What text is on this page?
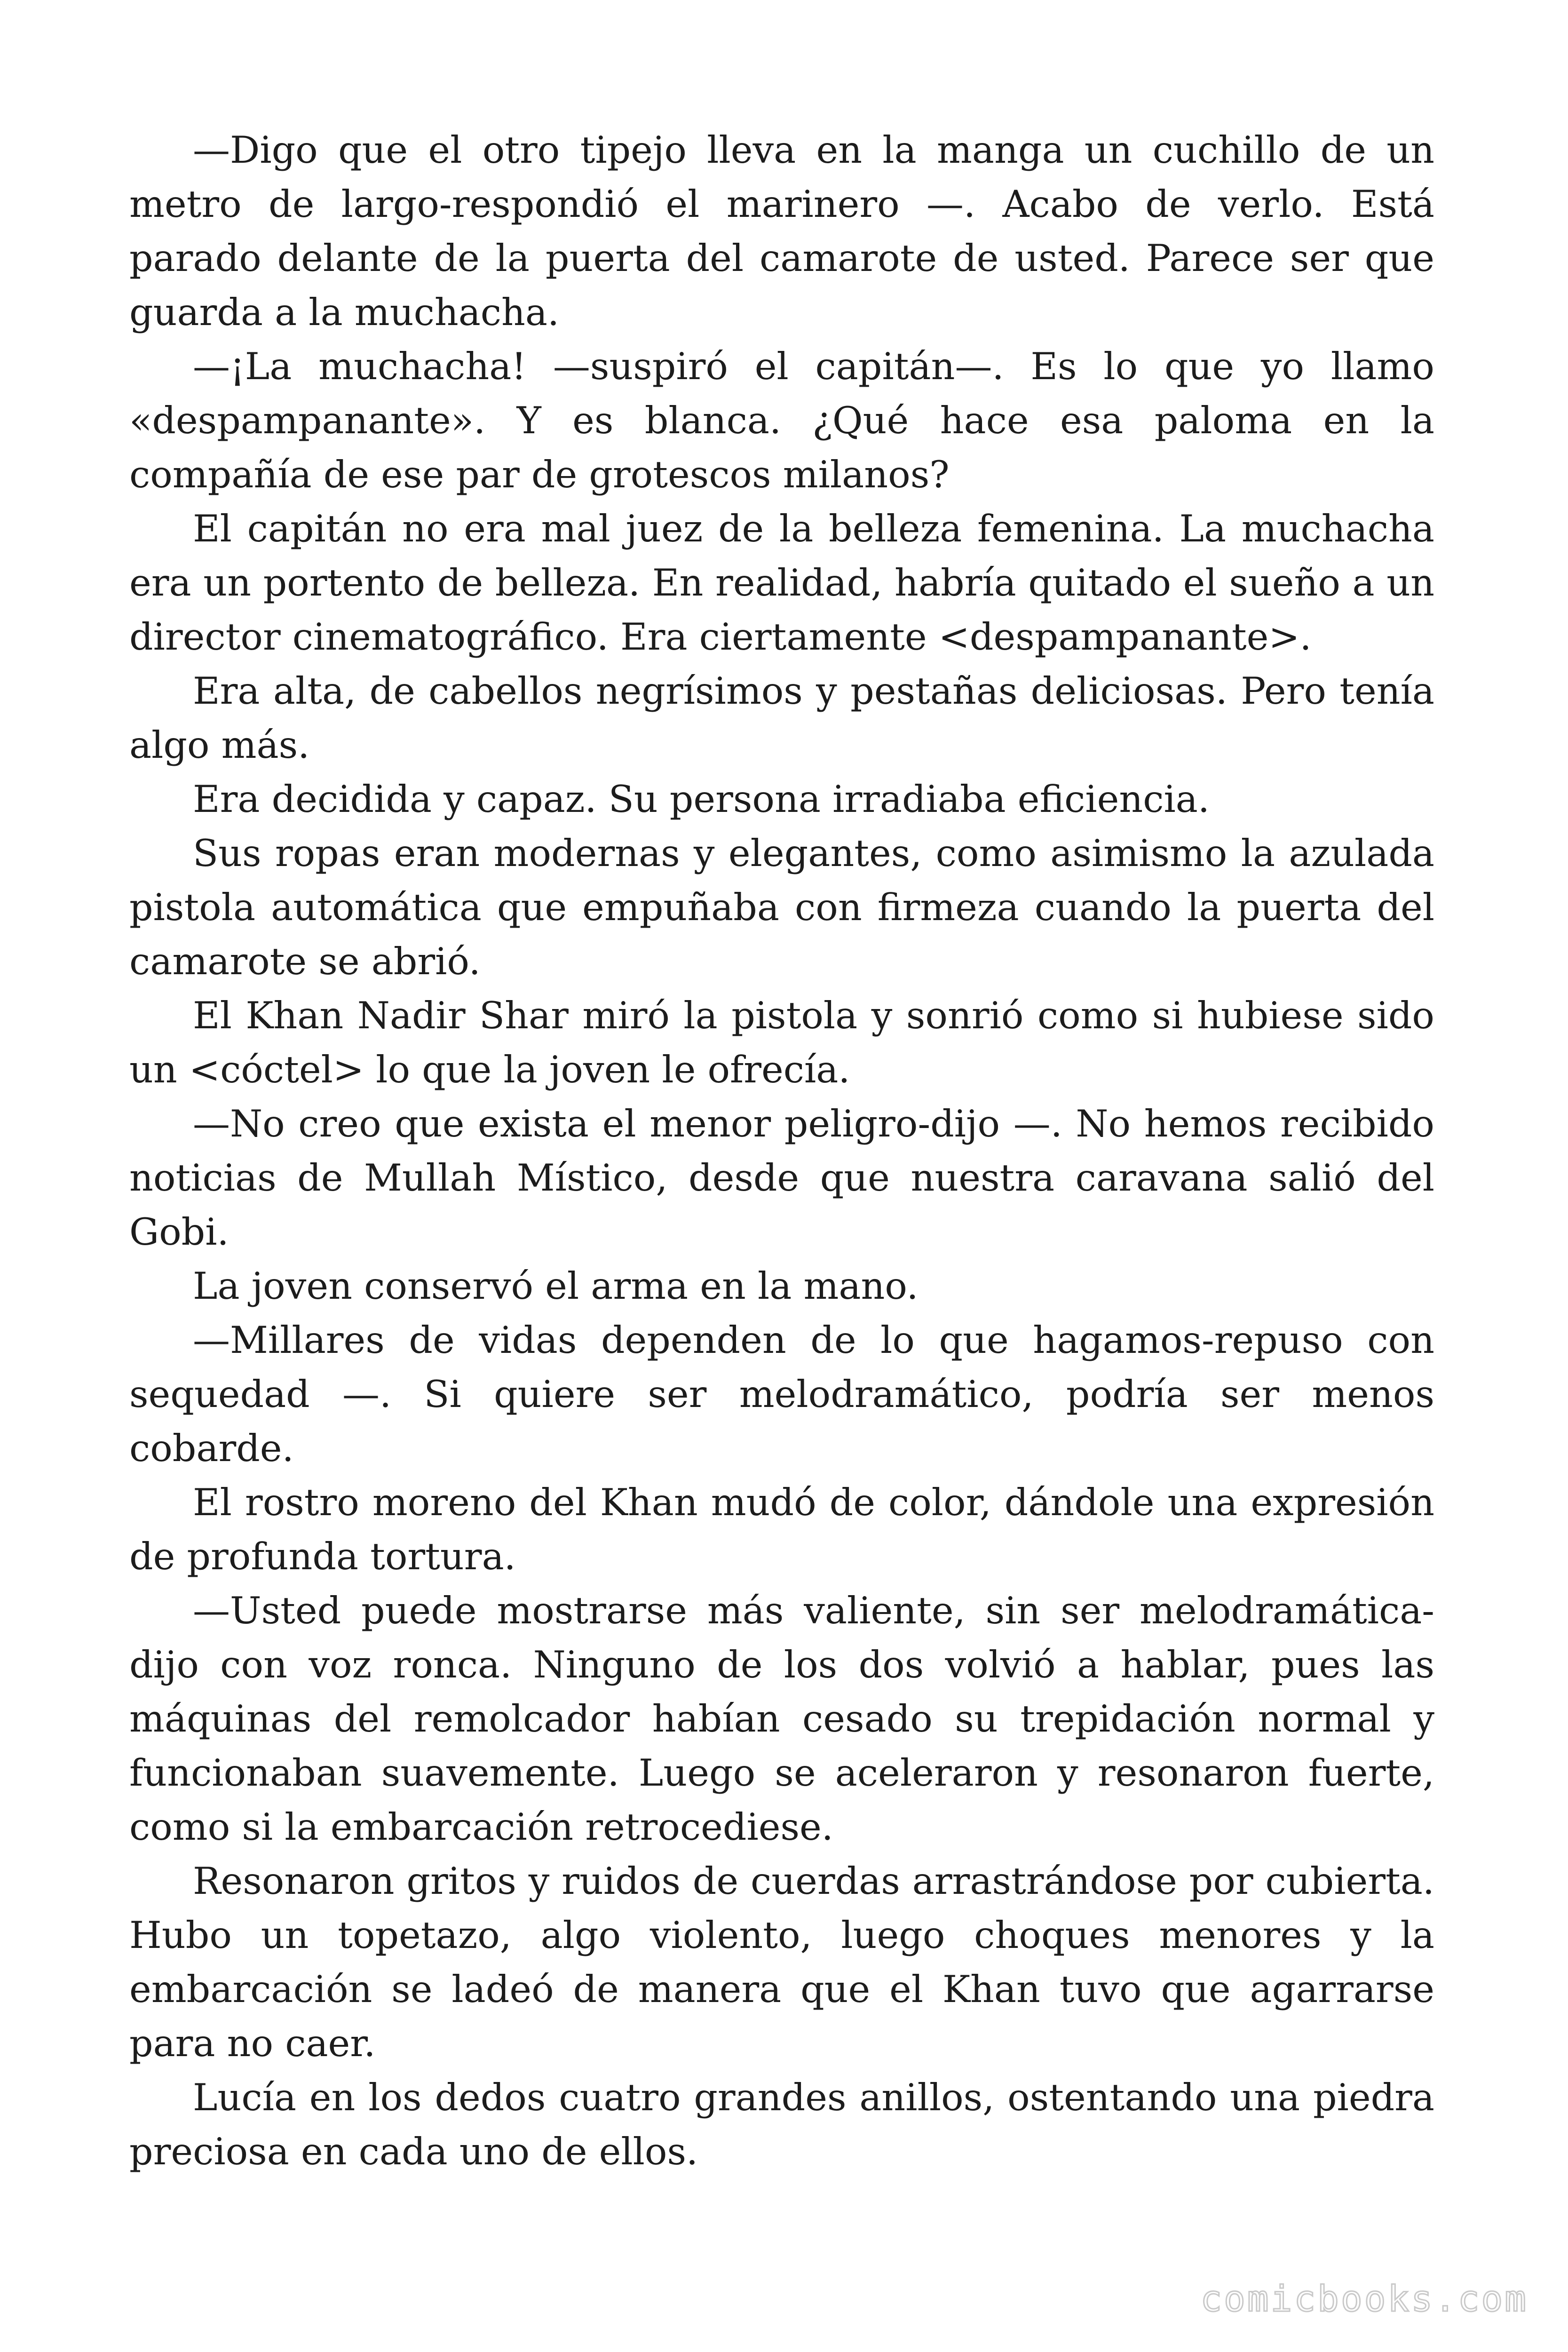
—Digo que el otro tipejo lleva en la manga un cuchillo de un metro de largo-respondió el marinero —. Acabo de verlo. Está parado delante de la puerta del camarote de usted. Parece ser que guarda a la muchacha.

—¡La muchacha! —suspiró el capitán—. Es lo que yo llamo «despampanante». Y es blanca. ¿Qué hace esa paloma en la compañía de ese par de grotescos milanos?

El capitán no era mal juez de la belleza femenina. La muchacha era un portento de belleza. En realidad, habría quitado el sueño a un director cinematográfico. Era ciertamente <despampanante>.

Era alta, de cabellos negrísimos y pestañas deliciosas. Pero tenía algo más.

Era decidida y capaz. Su persona irradiaba eficiencia.

Sus ropas eran modernas y elegantes, como asimismo la azulada pistola automática que empuñaba con firmeza cuando la puerta del camarote se abrió.

El Khan Nadir Shar miró la pistola y sonrió como si hubiese sido un <cóctel> lo que la joven le ofrecía.

—No creo que exista el menor peligro-dijo —. No hemos recibido noticias de Mullah Místico, desde que nuestra caravana salió del Gobi.

La joven conservó el arma en la mano.

—Millares de vidas dependen de lo que hagamos-repuso con sequedad —. Si quiere ser melodramático, podría ser menos cobarde.

El rostro moreno del Khan mudó de color, dándole una expresión de profunda tortura.

—Usted puede mostrarse más valiente, sin ser melodramática-dijo con voz ronca. Ninguno de los dos volvió a hablar, pues las máquinas del remolcador habían cesado su trepidación normal y funcionaban suavemente. Luego se aceleraron y resonaron fuerte, como si la embarcación retrocediese.

Resonaron gritos y ruidos de cuerdas arrastrándose por cubierta. Hubo un topetazo, algo violento, luego choques menores y la embarcación se ladeó de manera que el Khan tuvo que agarrarse para no caer.

Lucía en los dedos cuatro grandes anillos, ostentando una piedra preciosa en cada uno de ellos.

comicbooks.com
